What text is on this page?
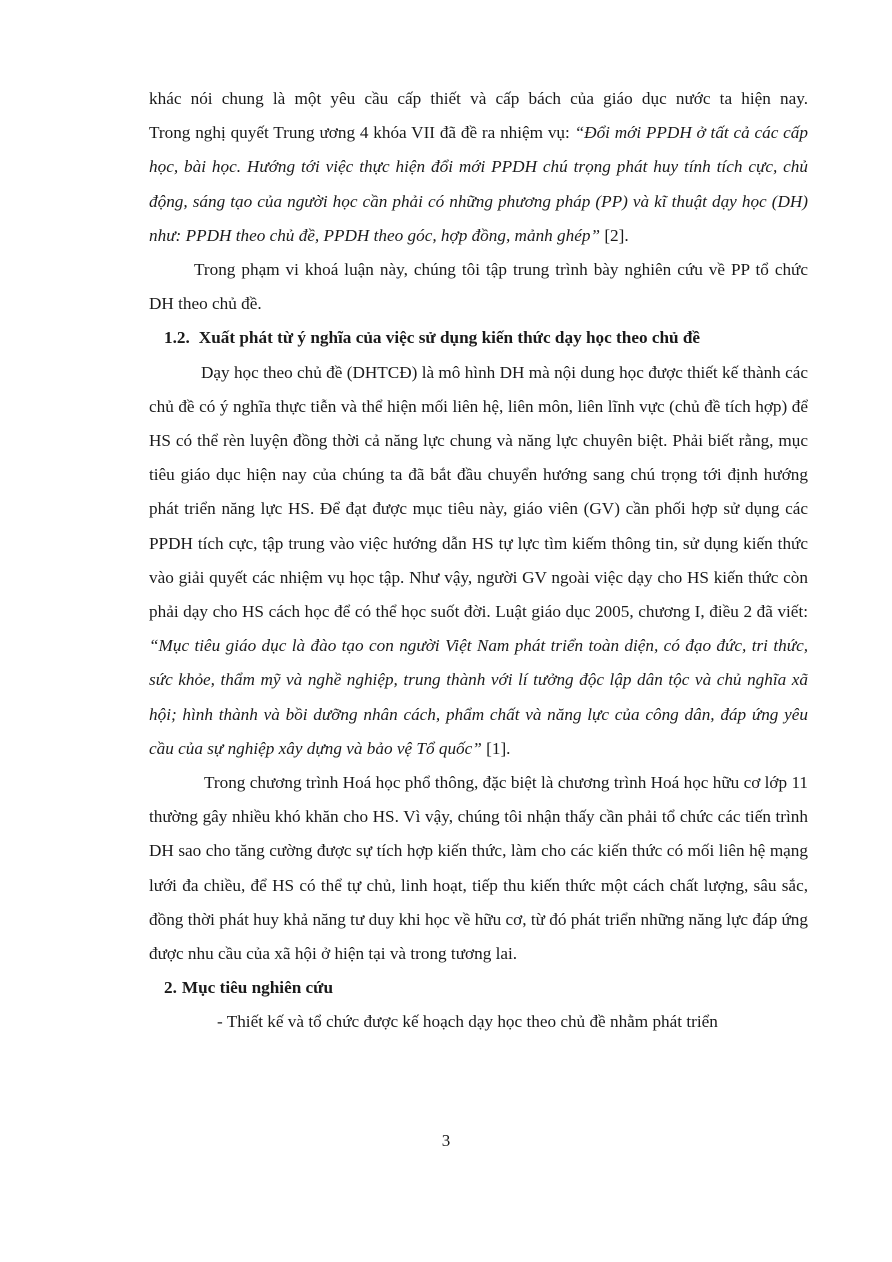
khác nói chung là một yêu cầu cấp thiết và cấp bách của giáo dục nước ta hiện nay.

Trong nghị quyết Trung ương 4 khóa VII đã đề ra nhiệm vụ: “Đổi mới PPDH ở tất cả các cấp học, bài học. Hướng tới việc thực hiện đổi mới PPDH chú trọng phát huy tính tích cực, chủ động, sáng tạo của người học cần phải có những phương pháp (PP) và kĩ thuật dạy học (DH) như: PPDH theo chủ đề, PPDH theo góc, hợp đồng, mảnh ghép” [2].

Trong phạm vi khoá luận này, chúng tôi tập trung trình bày nghiên cứu về PP tổ chức DH theo chủ đề.

1.2. Xuất phát từ ý nghĩa của việc sử dụng kiến thức dạy học theo chủ đề

Dạy học theo chủ đề (DHTCĐ) là mô hình DH mà nội dung học được thiết kế thành các chủ đề có ý nghĩa thực tiễn và thể hiện mối liên hệ, liên môn, liên lĩnh vực (chủ đề tích hợp) để HS có thể rèn luyện đồng thời cả năng lực chung và năng lực chuyên biệt. Phải biết rằng, mục tiêu giáo dục hiện nay của chúng ta đã bắt đầu chuyển hướng sang chú trọng tới định hướng phát triển năng lực HS. Để đạt được mục tiêu này, giáo viên (GV) cần phối hợp sử dụng các PPDH tích cực, tập trung vào việc hướng dẫn HS tự lực tìm kiếm thông tin, sử dụng kiến thức vào giải quyết các nhiệm vụ học tập. Như vậy, người GV ngoài việc dạy cho HS kiến thức còn phải dạy cho HS cách học để có thể học suốt đời. Luật giáo dục 2005, chương I, điều 2 đã viết: “Mục tiêu giáo dục là đào tạo con người Việt Nam phát triển toàn diện, có đạo đức, tri thức, sức khỏe, thẩm mỹ và nghề nghiệp, trung thành với lí tưởng độc lập dân tộc và chủ nghĩa xã hội; hình thành và bồi dưỡng nhân cách, phẩm chất và năng lực của công dân, đáp ứng yêu cầu của sự nghiệp xây dựng và bảo vệ Tổ quốc” [1].

Trong chương trình Hoá học phổ thông, đặc biệt là chương trình Hoá học hữu cơ lớp 11 thường gây nhiều khó khăn cho HS. Vì vậy, chúng tôi nhận thấy cần phải tổ chức các tiến trình DH sao cho tăng cường được sự tích hợp kiến thức, làm cho các kiến thức có mối liên hệ mạng lưới đa chiều, để HS có thể tự chủ, linh hoạt, tiếp thu kiến thức một cách chất lượng, sâu sắc, đồng thời phát huy khả năng tư duy khi học về hữu cơ, từ đó phát triển những năng lực đáp ứng được nhu cầu của xã hội ở hiện tại và trong tương lai.

2. Mục tiêu nghiên cứu

- Thiết kế và tổ chức được kế hoạch dạy học theo chủ đề nhằm phát triển

3
